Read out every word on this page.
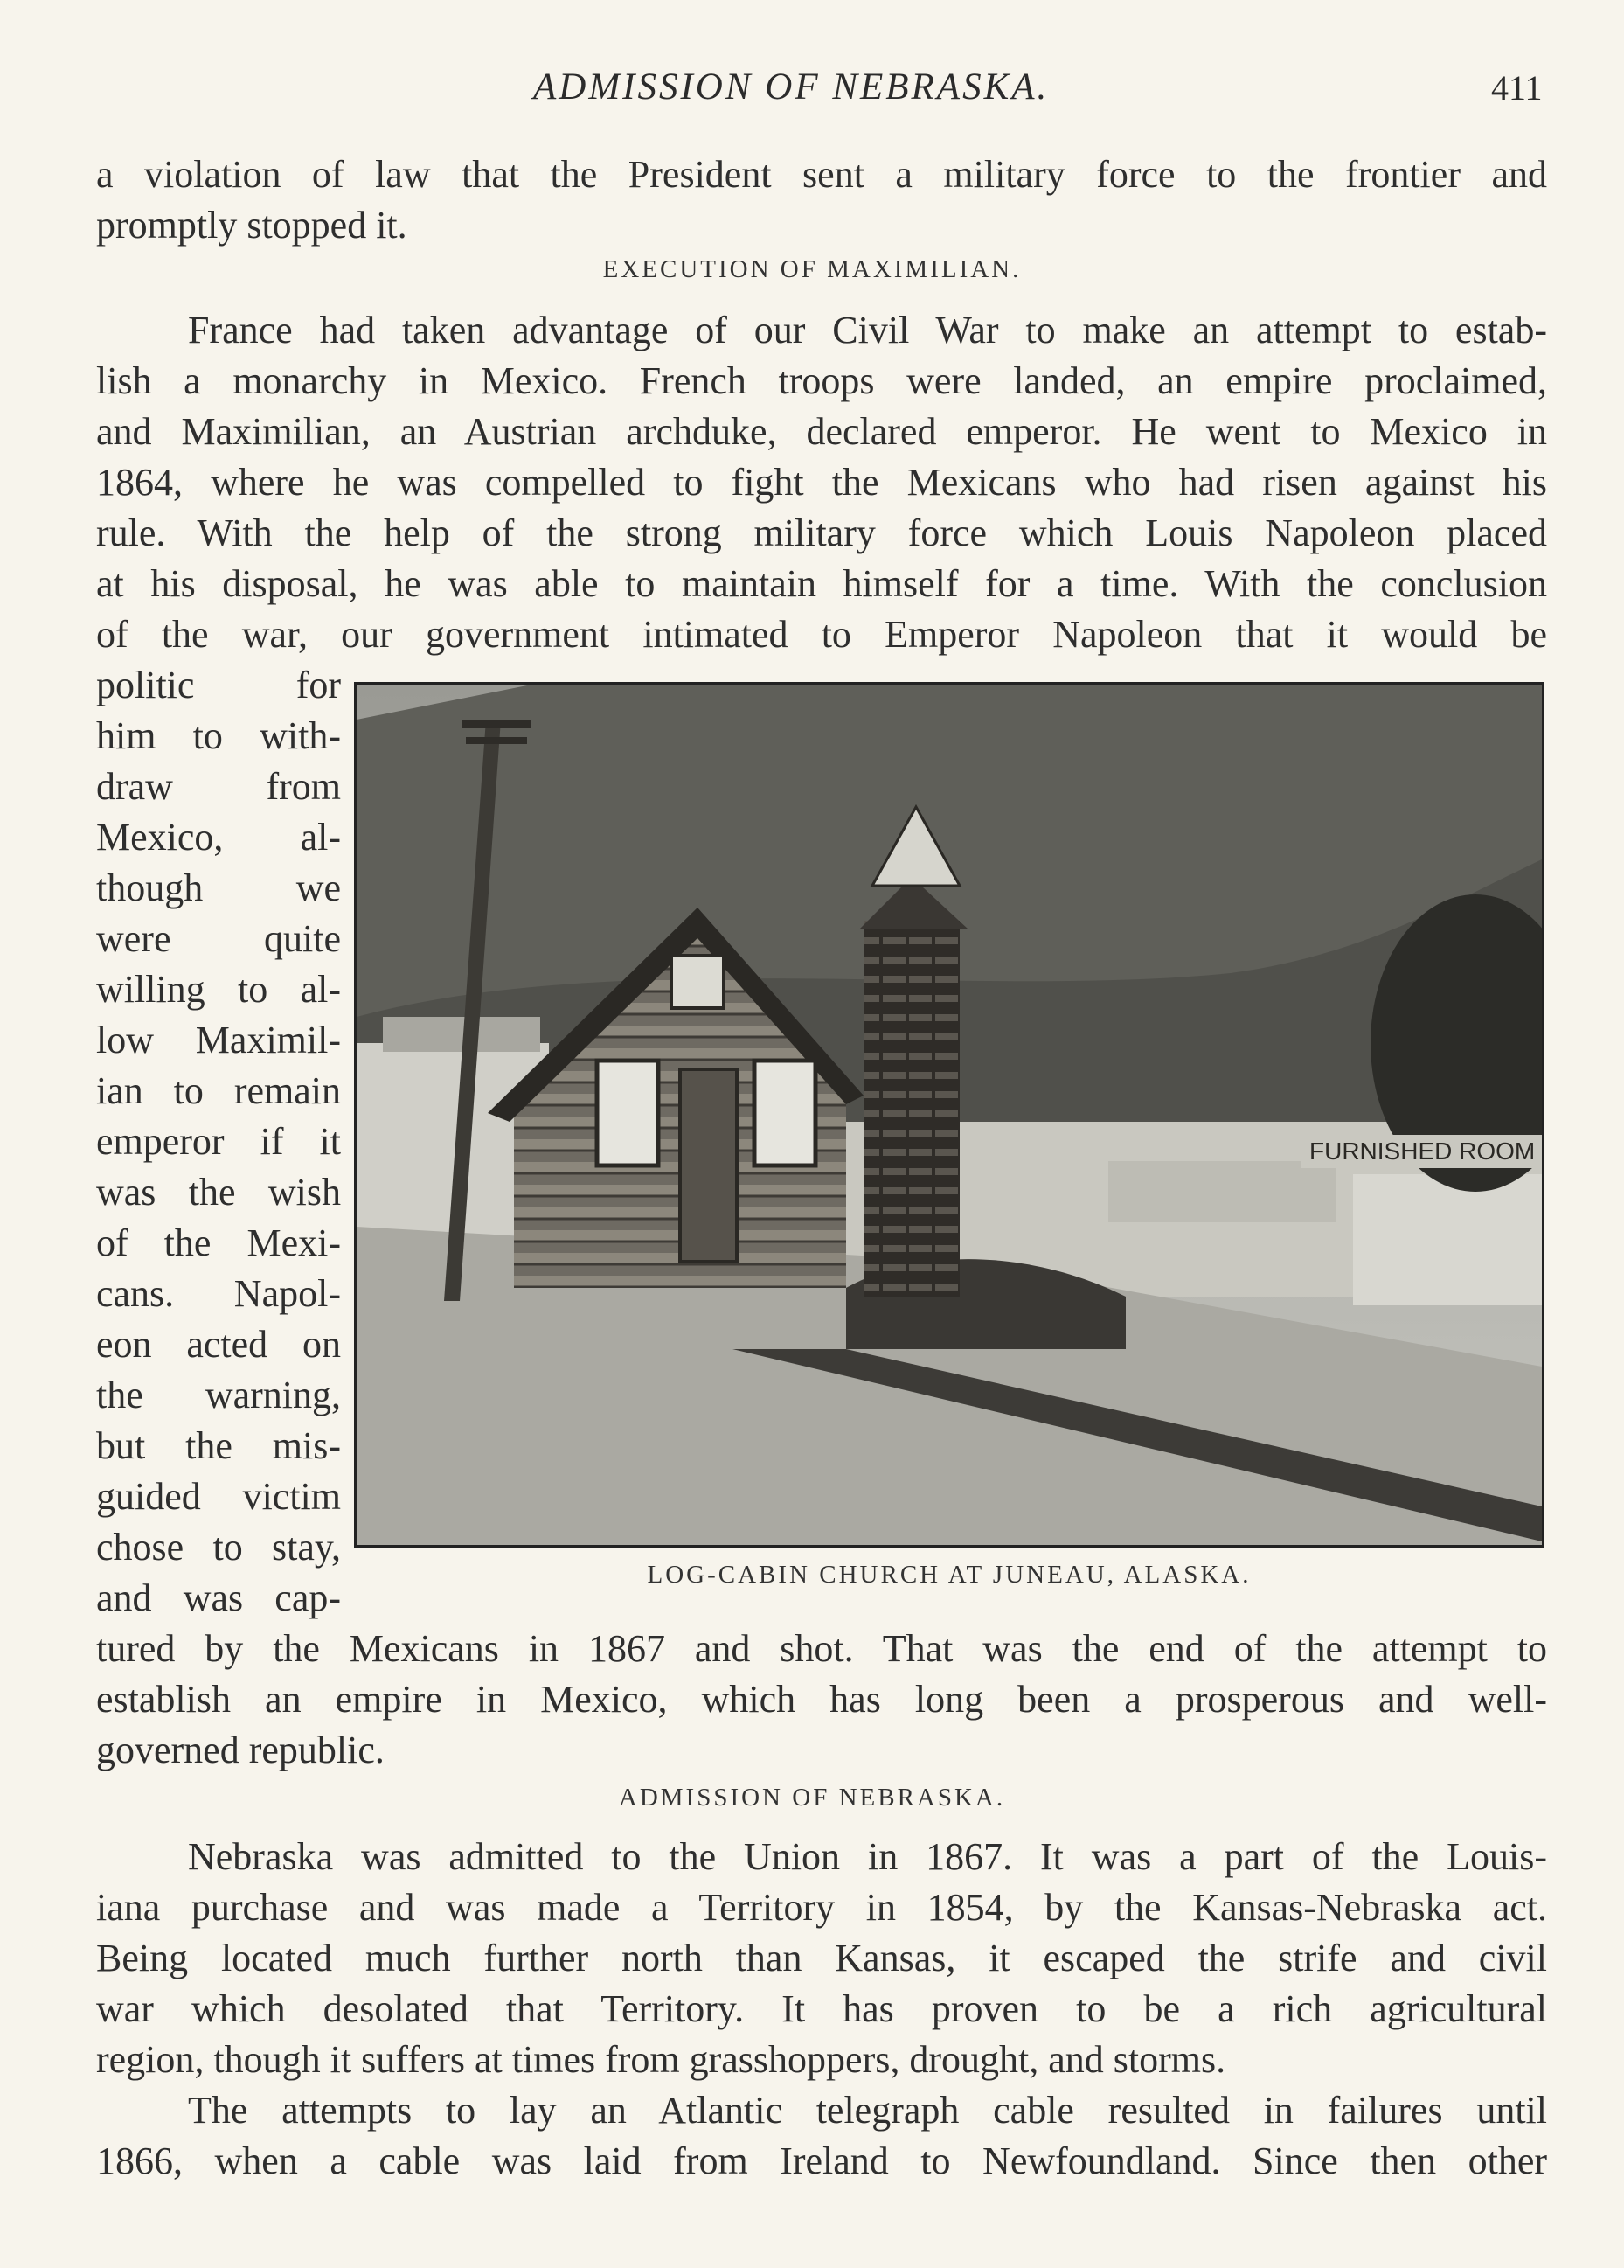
ADMISSION OF NEBRASKA.	411
a violation of law that the President sent a military force to the frontier and
promptly stopped it.
EXECUTION OF MAXIMILIAN.
France had taken advantage of our Civil War to make an attempt to estab-
lish a monarchy in Mexico. French troops were landed, an empire proclaimed,
and Maximilian, an Austrian archduke, declared emperor. He went to Mexico in
1864, where he was compelled to fight the Mexicans who had risen against his
rule. With the help of the strong military force which Louis Napoleon placed
at his disposal, he was able to maintain himself for a time. With the conclusion
of the war, our government intimated to Emperor Napoleon that it would be
politic for
him to with-
draw from
Mexico, al-
though we
were quite
willing to al-
low Maximil-
ian to remain
emperor if it
was the wish
of the Mexi-
cans. Napol-
eon acted on
the warning,
but the mis-
guided victim
chose to stay,
and was cap-
FURNISHED ROOM
LOG-CABIN CHURCH AT JUNEAU, ALASKA.
tured by the Mexicans in 1867 and shot. That was the end of the attempt to
establish an empire in Mexico, which has long been a prosperous and well-
governed republic.
ADMISSION OF NEBRASKA.
Nebraska was admitted to the Union in 1867. It was a part of the Louis-
iana purchase and was made a Territory in 1854, by the Kansas-Nebraska act.
Being located much further north than Kansas, it escaped the strife and civil
war which desolated that Territory. It has proven to be a rich agricultural
region, though it suffers at times from grasshoppers, drought, and storms.
The attempts to lay an Atlantic telegraph cable resulted in failures until
1866, when a cable was laid from Ireland to Newfoundland. Since then other
